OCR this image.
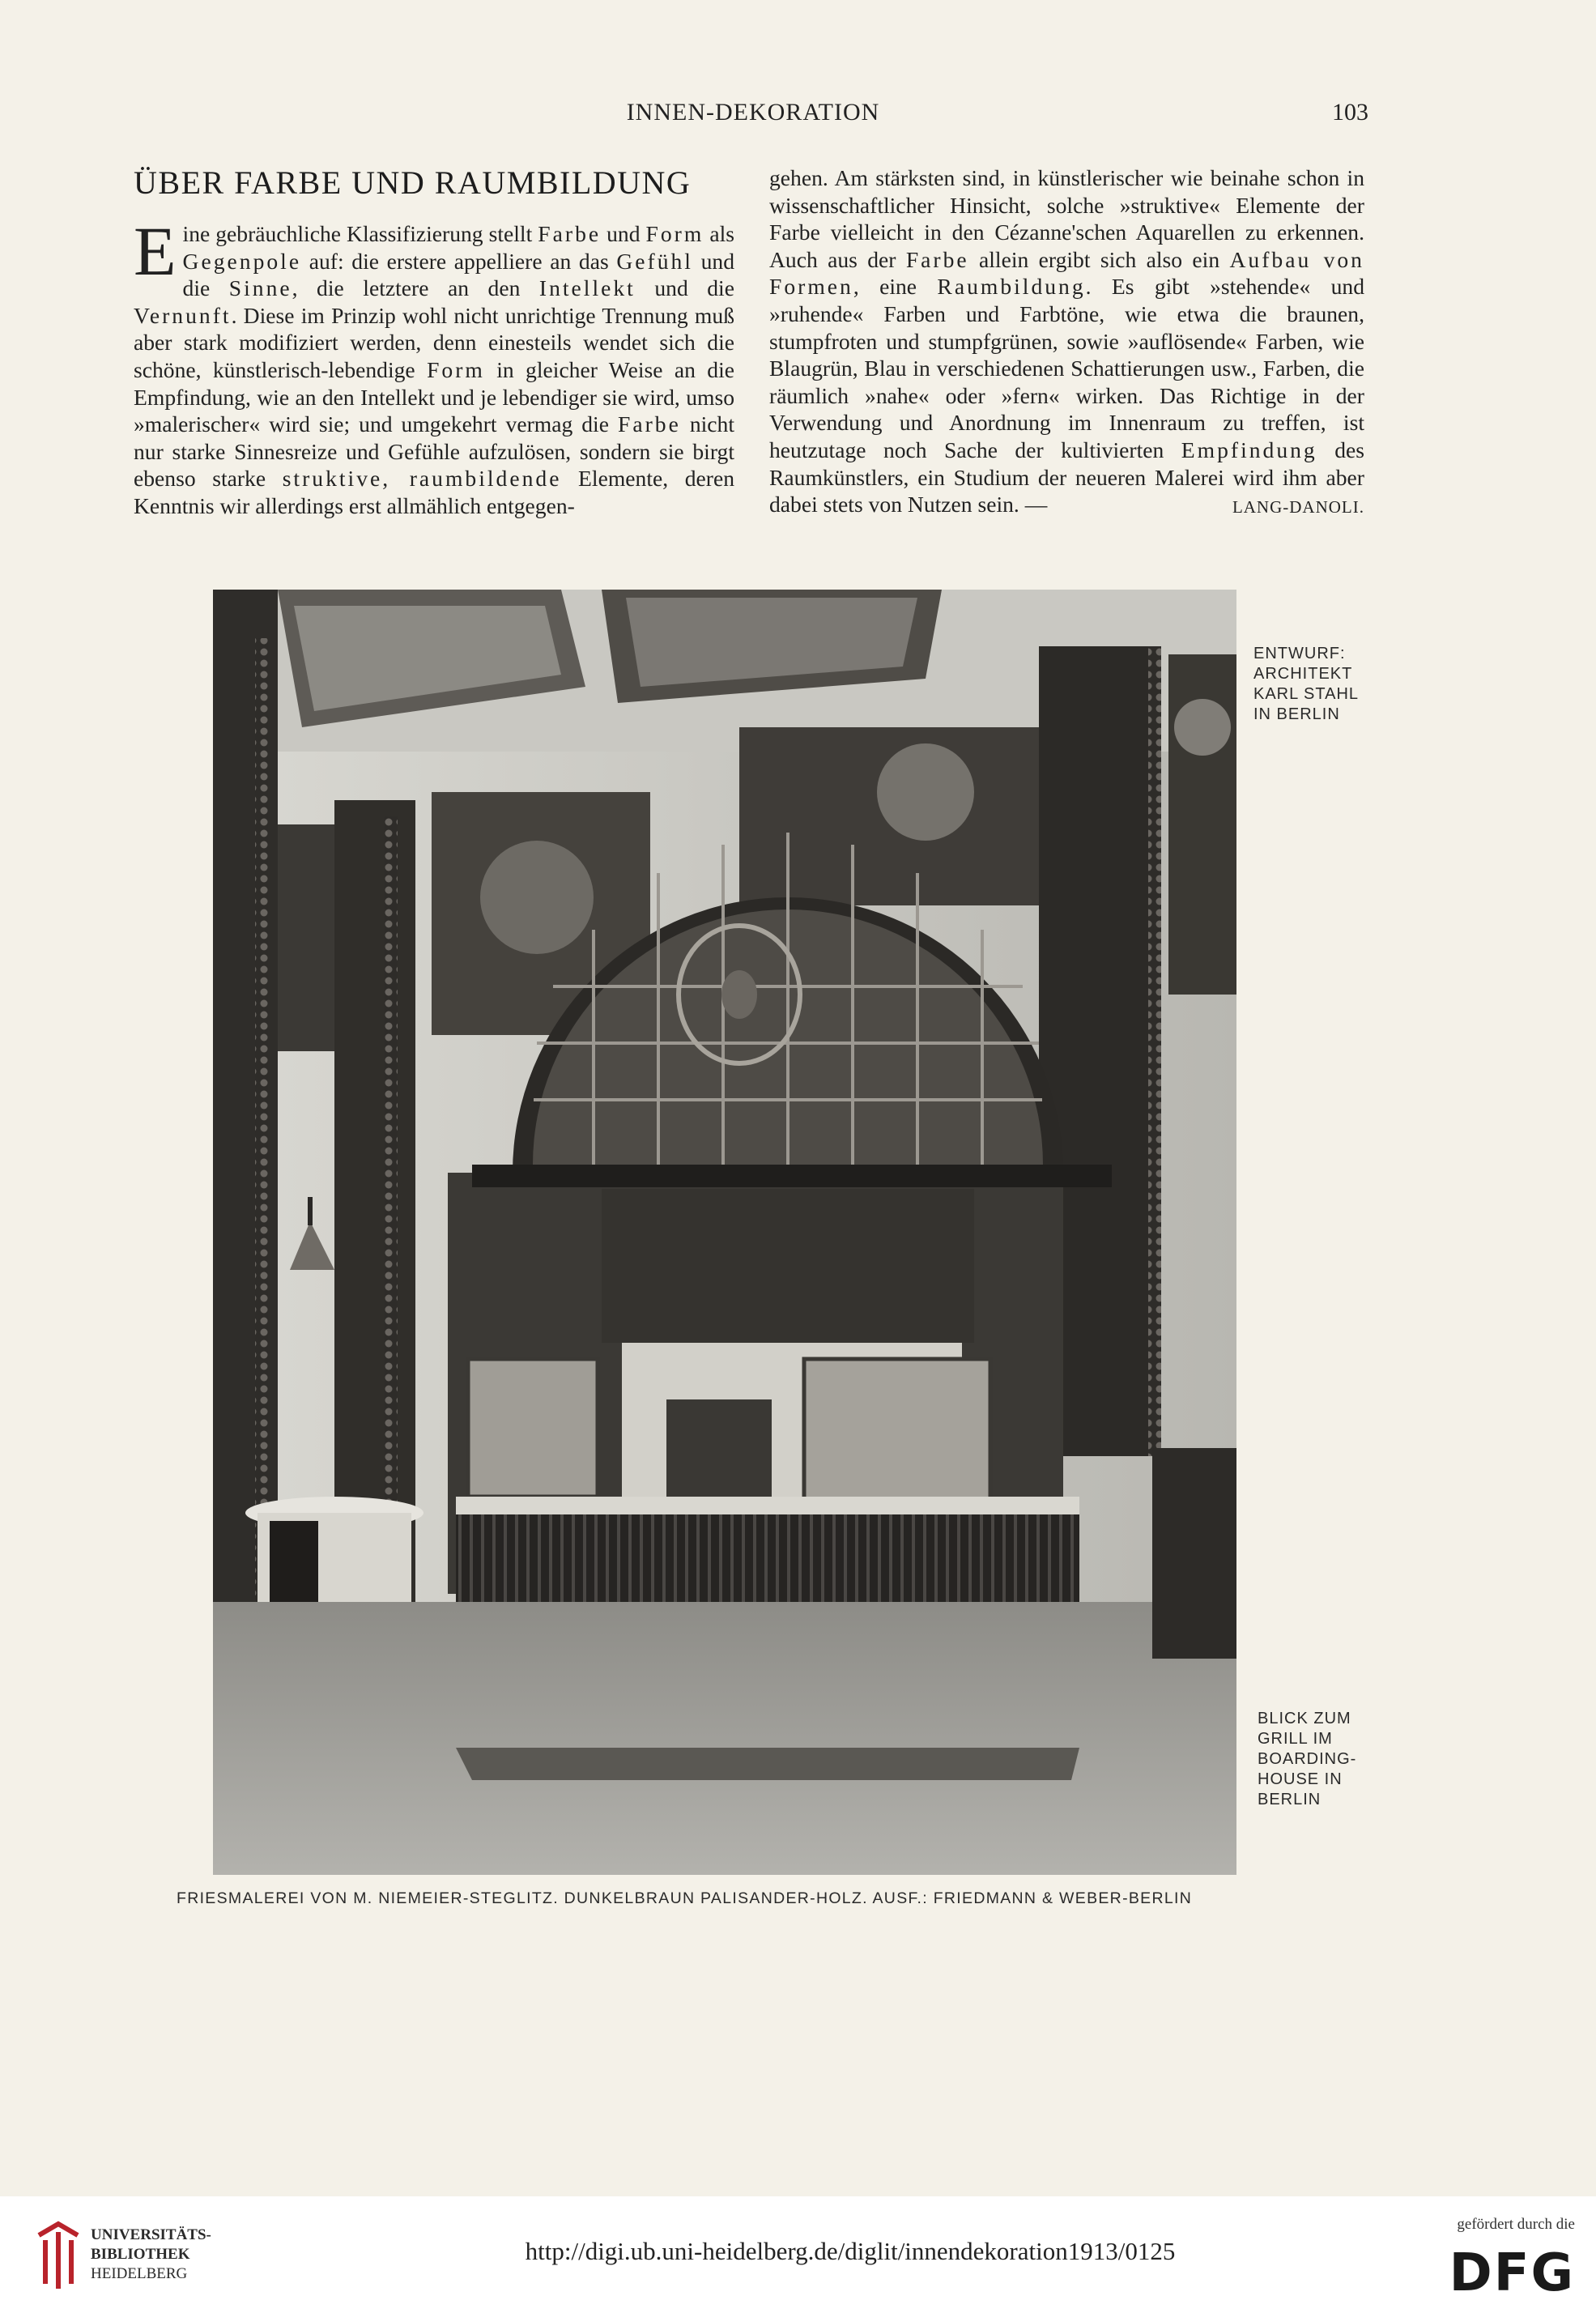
INNEN-DEKORATION	103
ÜBER FARBE UND RAUMBILDUNG

Eine gebräuchliche Klassifizierung stellt Farbe und Form als Gegenpole auf: die erstere appelliere an das Gefühl und die Sinne, die letztere an den Intellekt und die Vernunft. Diese im Prinzip wohl nicht unrichtige Trennung muß aber stark modifiziert werden, denn einesteils wendet sich die schöne, künstlerisch-lebendige Form in gleicher Weise an die Empfindung, wie an den Intellekt und je lebendiger sie wird, umso »malerischer« wird sie; und umgekehrt vermag die Farbe nicht nur starke Sinnesreize und Gefühle aufzulösen, sondern sie birgt ebenso starke struktive, raumbildende Elemente, deren Kenntnis wir allerdings erst allmählich entgegen-

gehen. Am stärksten sind, in künstlerischer wie beinahe schon in wissenschaftlicher Hinsicht, solche »struktive« Elemente der Farbe vielleicht in den Cézanne'schen Aquarellen zu erkennen. Auch aus der Farbe allein ergibt sich also ein Aufbau von Formen, eine Raumbildung. Es gibt »stehende« und »ruhende« Farben und Farbtöne, wie etwa die braunen, stumpfroten und stumpfgrünen, sowie »auflösende« Farben, wie Blaugrün, Blau in verschiedenen Schattierungen usw., Farben, die räumlich »nahe« oder »fern« wirken. Das Richtige in der Verwendung und Anordnung im Innenraum zu treffen, ist heutzutage noch Sache der kultivierten Empfindung des Raumkünstlers, ein Studium der neueren Malerei wird ihm aber dabei stets von Nutzen sein. —	LANG-DANOLI.

ENTWURF:
ARCHITEKT
KARL STAHL
IN BERLIN
BLICK ZUM
GRILL IM
BOARDING-
HOUSE IN
BERLIN
FRIESMALEREI VON M. NIEMEIER-STEGLITZ. DUNKELBRAUN PALISANDER-HOLZ. AUSF.: FRIEDMANN & WEBER-BERLIN
UNIVERSITÄTS-
BIBLIOTHEK
HEIDELBERG
http://digi.ub.uni-heidelberg.de/diglit/innendekoration1913/0125
gefördert durch die
DFG
